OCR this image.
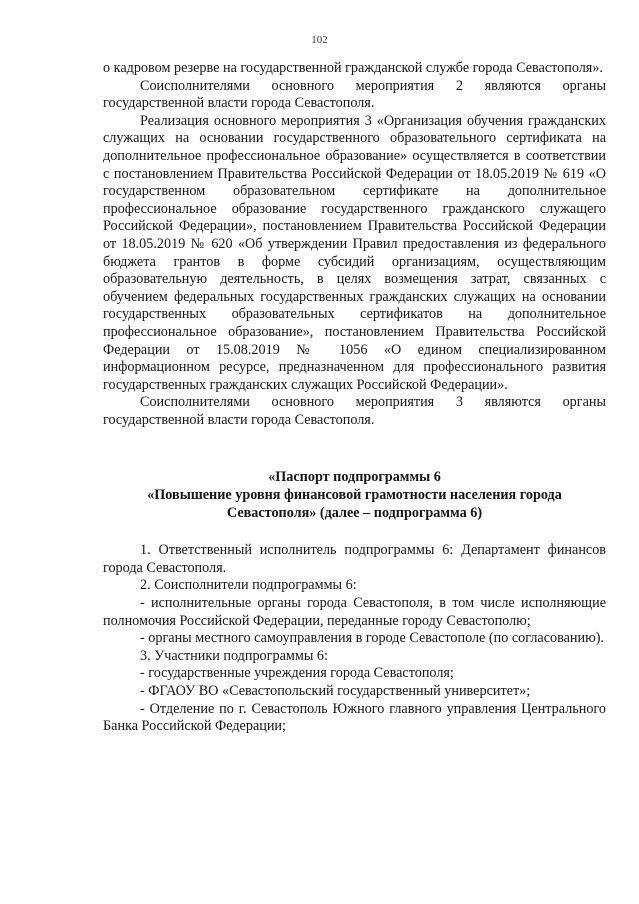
102

о кадровом резерве на государственной гражданской службе города Севастополя».

Соисполнителями основного мероприятия 2 являются органы государственной власти города Севастополя.

Реализация основного мероприятия 3 «Организация обучения гражданских служащих на основании государственного образовательного сертификата на дополнительное профессиональное образование» осуществляется в соответствии с постановлением Правительства Российской Федерации от 18.05.2019 № 619 «О государственном образовательном сертификате на дополнительное профессиональное образование государственного гражданского служащего Российской Федерации», постановлением Правительства Российской Федерации от 18.05.2019 № 620 «Об утверждении Правил предоставления из федерального бюджета грантов в форме субсидий организациям, осуществляющим образовательную деятельность, в целях возмещения затрат, связанных с обучением федеральных государственных гражданских служащих на основании государственных образовательных сертификатов на дополнительное профессиональное образование», постановлением Правительства Российской Федерации от 15.08.2019 № 1056 «О едином специализированном информационном ресурсе, предназначенном для профессионального развития государственных гражданских служащих Российской Федерации».

Соисполнителями основного мероприятия 3 являются органы государственной власти города Севастополя.

«Паспорт подпрограммы 6
«Повышение уровня финансовой грамотности населения города
Севастополя» (далее – подпрограмма 6)

1. Ответственный исполнитель подпрограммы 6: Департамент финансов города Севастополя.

2. Соисполнители подпрограммы 6:

- исполнительные органы города Севастополя, в том числе исполняющие полномочия Российской Федерации, переданные городу Севастополю;

- органы местного самоуправления в городе Севастополе (по согласованию).

3. Участники подпрограммы 6:

- государственные учреждения города Севастополя;

- ФГАОУ ВО «Севастопольский государственный университет»;

- Отделение по г. Севастополь Южного главного управления Центрального Банка Российской Федерации;
